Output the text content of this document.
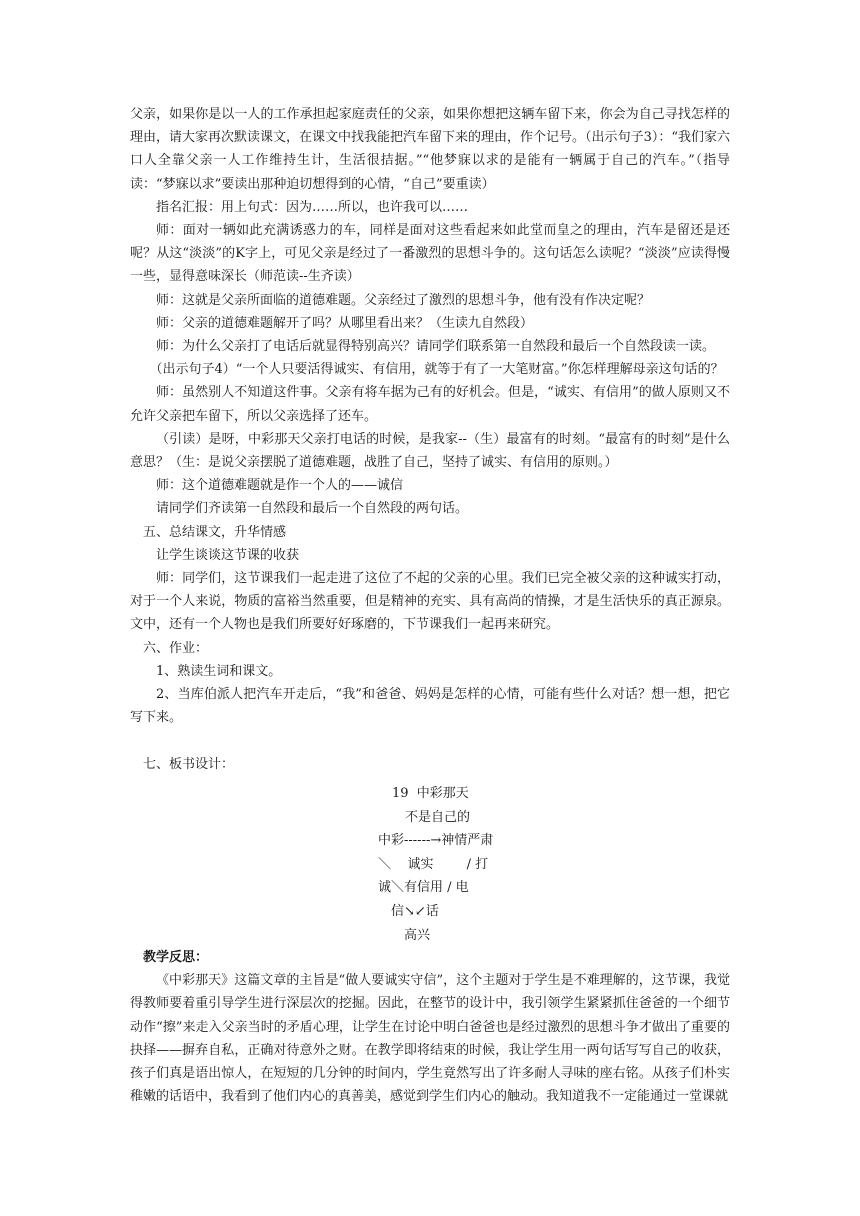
父亲，如果你是以一人的工作承担起家庭责任的父亲，如果你想把这辆车留下来，你会为自己寻找怎样的理由，请大家再次默读课文，在课文中找我能把汽车留下来的理由，作个记号。（出示句子3）：“我们家六口人全靠父亲一人工作维持生计，生活很拮据。”“他梦寐以求的是能有一辆属于自己的汽车。”（指导读：“梦寐以求”要读出那种迫切想得到的心情，“自己”要重读）

指名汇报：用上句式：因为……所以，也许我可以……

师：面对一辆如此充满诱惑力的车，同样是面对这些看起来如此堂而皇之的理由，汽车是留还是还呢？从这“淡淡”的K字上，可见父亲是经过了一番激烈的思想斗争的。这句话怎么读呢？“淡淡”应读得慢一些，显得意味深长（师范读--生齐读）

师：这就是父亲所面临的道德难题。父亲经过了激烈的思想斗争，他有没有作决定呢？

师：父亲的道德难题解开了吗？从哪里看出来？（生读九自然段）

师：为什么父亲打了电话后就显得特别高兴？请同学们联系第一自然段和最后一个自然段读一读。

（出示句子4）“一个人只要活得诚实、有信用，就等于有了一大笔财富。”你怎样理解母亲这句话的？

师：虽然别人不知道这件事。父亲有将车据为己有的好机会。但是，“诚实、有信用”的做人原则又不允许父亲把车留下，所以父亲选择了还车。

（引读）是呀，中彩那天父亲打电话的时候，是我家--（生）最富有的时刻。“最富有的时刻”是什么意思？（生：是说父亲摆脱了道德难题，战胜了自己，坚持了诚实、有信用的原则。）

师：这个道德难题就是作一个人的——诚信

请同学们齐读第一自然段和最后一个自然段的两句话。

五、总结课文，升华情感

让学生谈谈这节课的收获

师：同学们，这节课我们一起走进了这位了不起的父亲的心里。我们已完全被父亲的这种诚实打动，对于一个人来说，物质的富裕当然重要，但是精神的充实、具有高尚的情操，才是生活快乐的真正源泉。文中，还有一个人物也是我们所要好好琢磨的，下节课我们一起再来研究。

六、作业：

1、熟读生词和课文。

2、当库伯派人把汽车开走后，“我”和爸爸、妈妈是怎样的心情，可能有些什么对话？想一想，把它写下来。

七、板书设计：

19  中彩那天
不是自己的
中彩------→神情严肃
＼    诚实        / 打
诚＼有信用 / 电
信↘↙话
高兴

教学反思：

《中彩那天》这篇文章的主旨是“做人要诚实守信”，这个主题对于学生是不难理解的，这节课，我觉得教师要着重引导学生进行深层次的挖掘。因此，在整节的设计中，我引领学生紧紧抓住爸爸的一个细节动作“擦”来走入父亲当时的矛盾心理，让学生在讨论中明白爸爸也是经过激烈的思想斗争才做出了重要的抉择——摒弃自私，正确对待意外之财。在教学即将结束的时候，我让学生用一两句话写写自己的收获，孩子们真是语出惊人，在短短的几分钟的时间内，学生竟然写出了许多耐人寻味的座右铭。从孩子们朴实稚嫩的话语中，我看到了他们内心的真善美，感觉到学生们内心的触动。我知道我不一定能通过一堂课就
